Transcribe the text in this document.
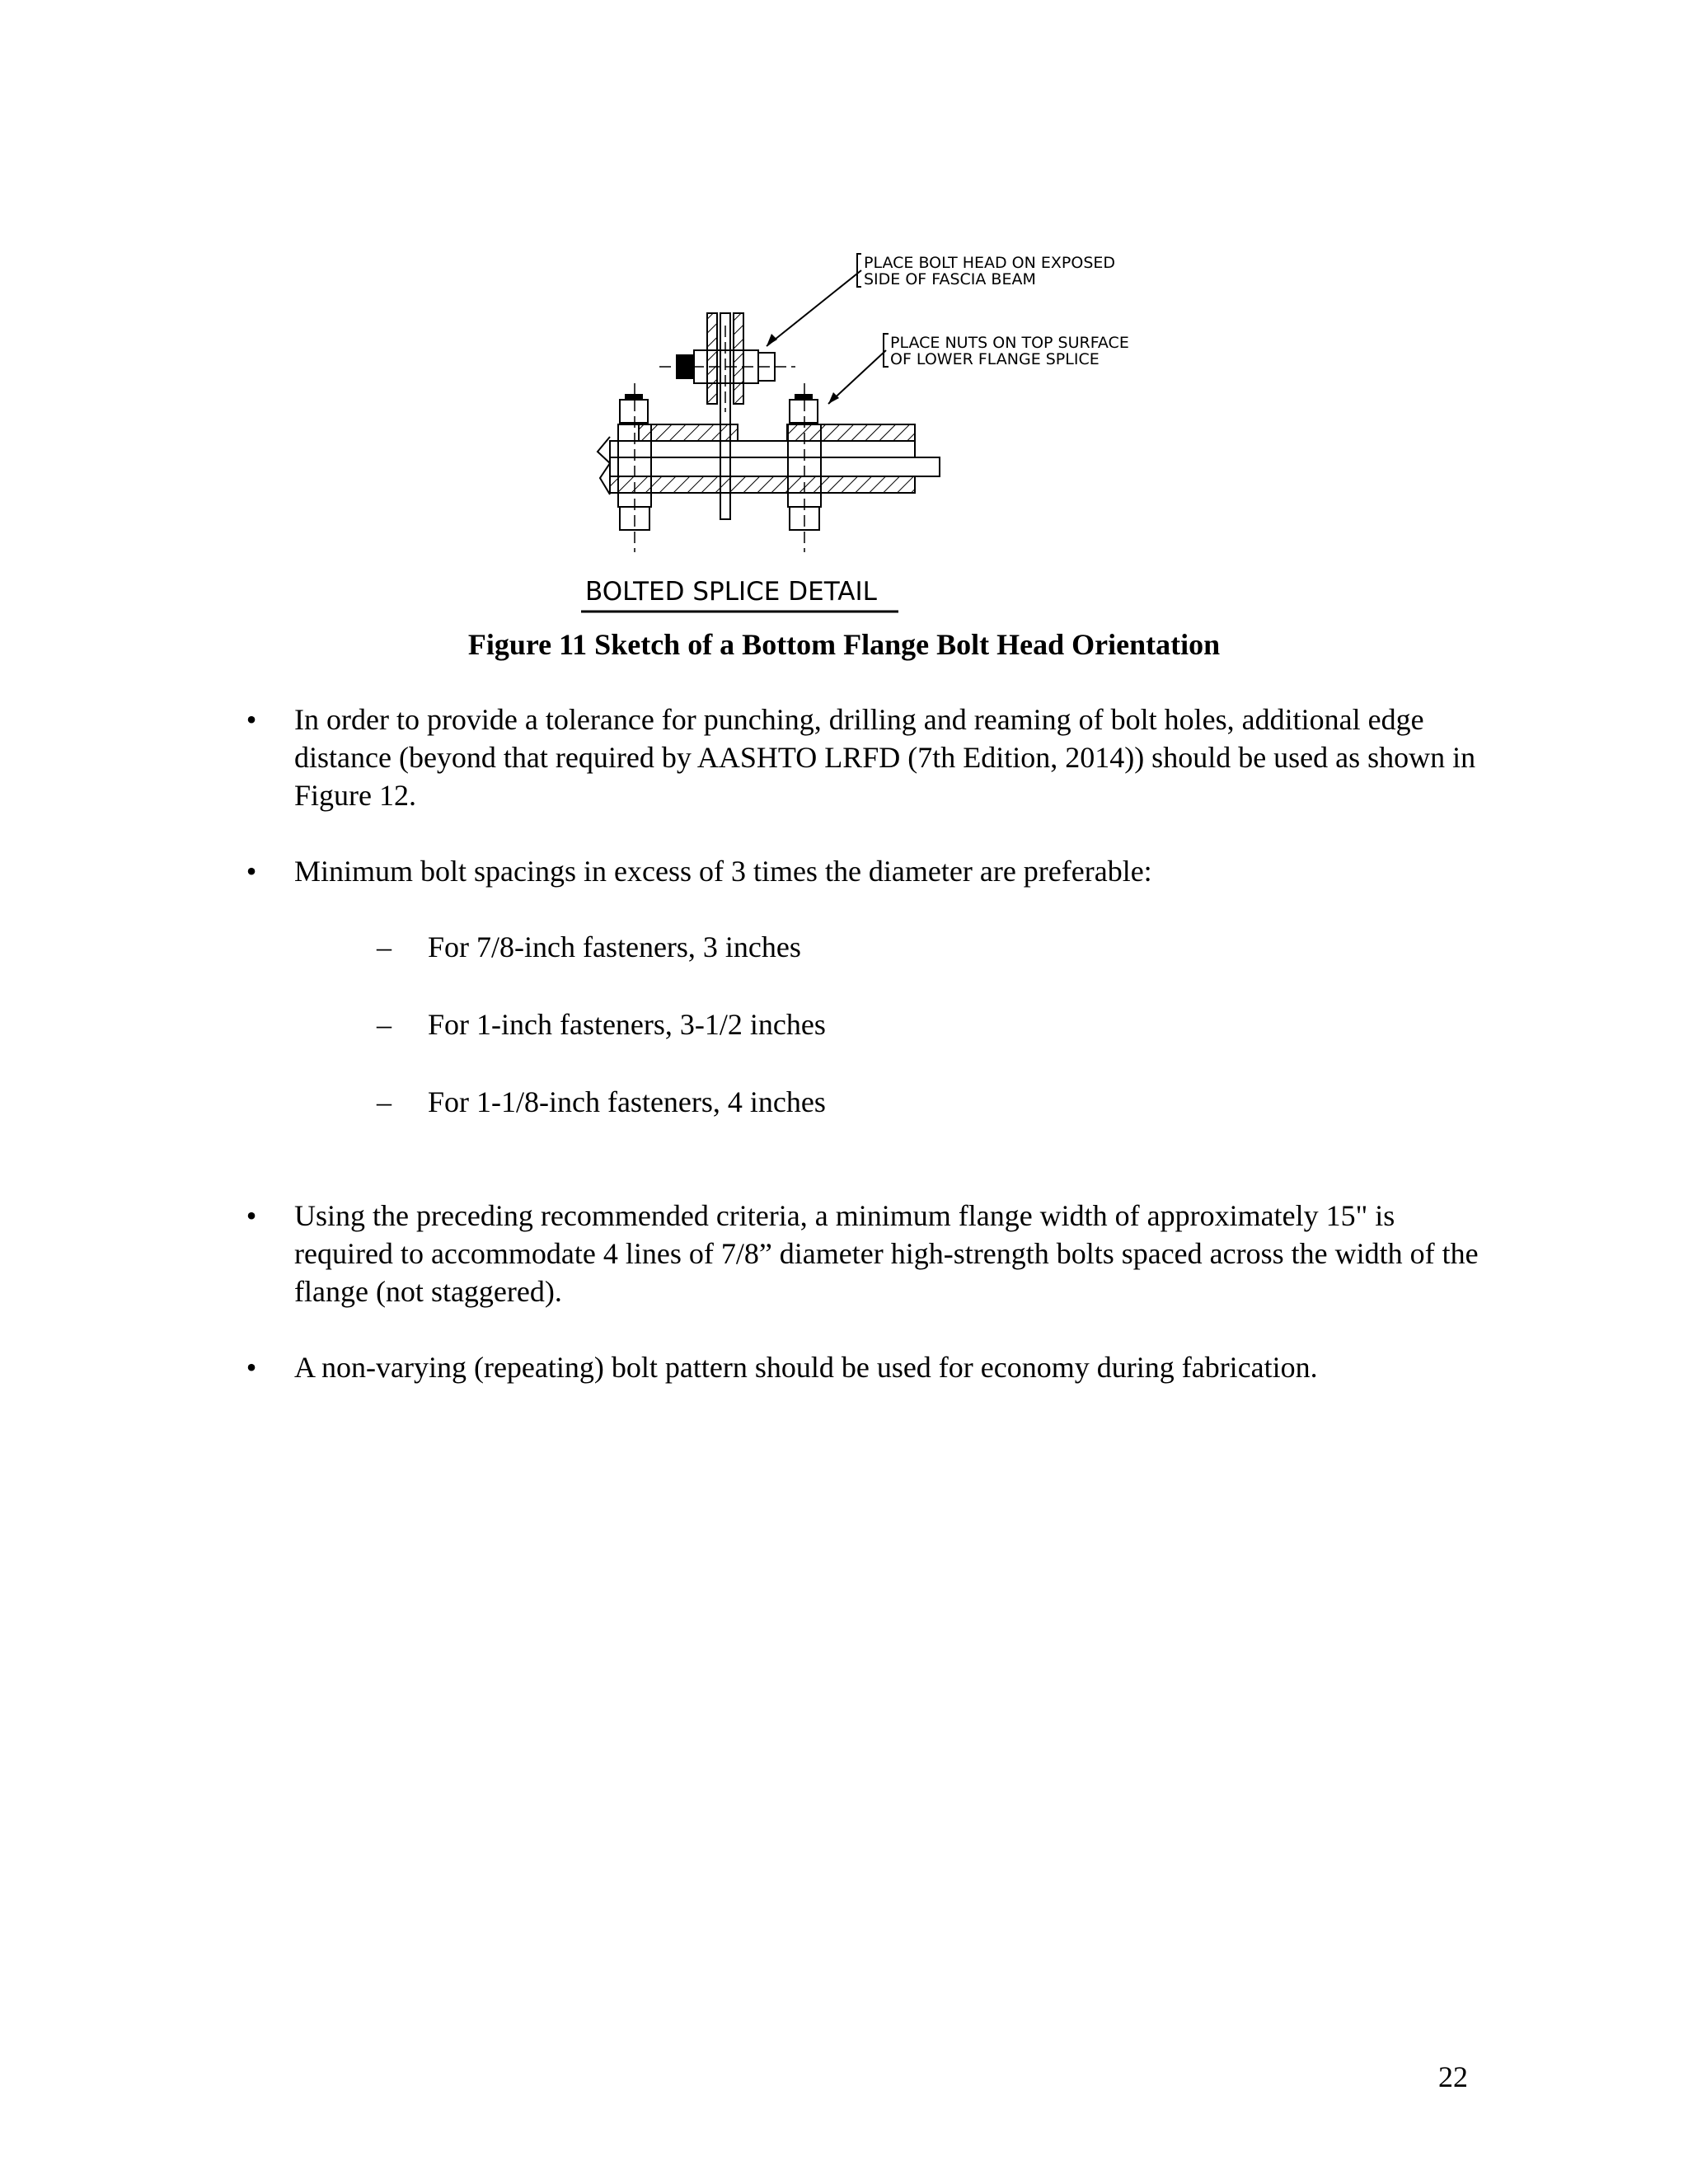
PLACE BOLT HEAD ON EXPOSED
SIDE OF FASCIA BEAM
PLACE NUTS ON TOP SURFACE
OF LOWER FLANGE SPLICE
BOLTED SPLICE DETAIL
Figure 11 Sketch of a Bottom Flange Bolt Head Orientation
• In order to provide a tolerance for punching, drilling and reaming of bolt holes, additional edge distance (beyond that required by AASHTO LRFD (7th Edition, 2014)) should be used as shown in Figure 12.
• Minimum bolt spacings in excess of 3 times the diameter are preferable:
– For 7/8-inch fasteners, 3 inches
– For 1-inch fasteners, 3-1/2 inches
– For 1-1/8-inch fasteners, 4 inches
• Using the preceding recommended criteria, a minimum flange width of approximately 15" is required to accommodate 4 lines of 7/8” diameter high-strength bolts spaced across the width of the flange (not staggered).
• A non-varying (repeating) bolt pattern should be used for economy during fabrication.
22
